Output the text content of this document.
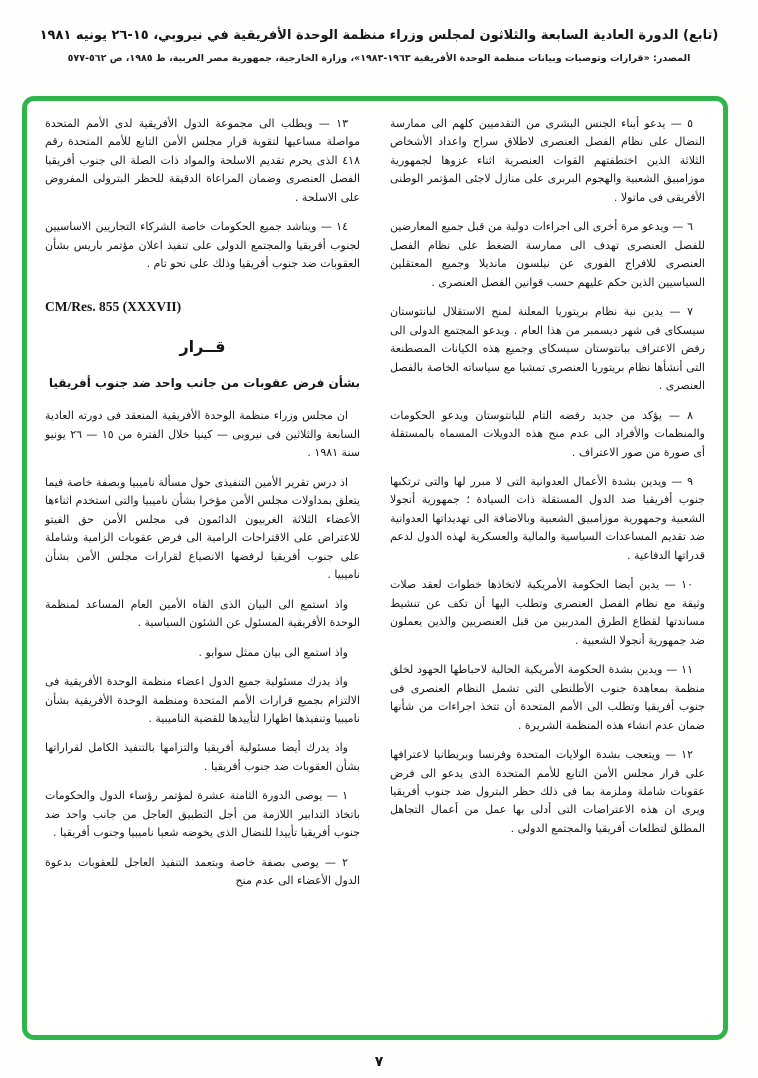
(تابع) الدورة العادية السابعة والثلاثون لمجلس وزراء منظمة الوحدة الأفريقية في نيروبي، ١٥-٢٦ يونيه ١٩٨١
المصدر: «قرارات وتوصيات وبيانات منظمة الوحدة الأفريقية ١٩٦٣-١٩٨٣»، وزارة الخارجية، جمهورية مصر العربية، ط ١٩٨٥، ص ٥٦٢-٥٧٧

٥ — يدعو أبناء الجنس البشرى من التقدميين كلهم الى ممارسة النضال على نظام الفصل العنصرى لاطلاق سراح واعداد الأشخاص الثلاثة الذين اختطفتهم القوات العنصرية اثناء غزوها لجمهورية موزامبيق الشعبية والهجوم البربرى على منازل لاجئى المؤتمر الوطنى الأفريقى فى ماتولا .

٦ — ويدعو مرة أخرى الى اجراءات دولية من قبل جميع المعارضين للفصل العنصرى تهدف الى ممارسة الضغط على نظام الفصل العنصرى للافراج الفورى عن نيلسون مانديلا وجميع المعتقلين السياسيين الذين حكم عليهم حسب قوانين الفصل العنصرى .

٧ — يدين نية نظام بريتوريا المعلنة لمنح الاستقلال لبانتوستان سيسكاى فى شهر ديسمبر من هذا العام . ويدعو المجتمع الدولى الى رفض الاعتراف ببانتوستان سيسكاى وجميع هذه الكيانات المصطنعة التى أنشأها نظام بريتوريا العنصرى تمشيا مع سياساته الخاصة بالفصل العنصرى .

٨ — يؤكد من جديد رفضه التام للبانتوستان ويدعو الحكومات والمنظمات والأفراد الى عدم منح هذه الدويلات المسماه بالمستقلة أى صورة من صور الاعتراف .

٩ — ويدين بشدة الأعمال العدوانية التى لا مبرر لها والتى ترتكبها جنوب أفريقيا ضد الدول المستقلة ذات السيادة ؛ جمهورية أنجولا الشعبية وجمهورية موزامبيق الشعبية وبالاضافة الى تهديداتها العدوانية ضد تقديم المساعدات السياسية والمالية والعسكرية لهذه الدول لدعم قدراتها الدفاعية .

١٠ — يدين أيضا الحكومة الأمريكية لاتخاذها خطوات لعقد صلات وثيقة مع نظام الفصل العنصرى وتطلب اليها أن تكف عن تنشيط مساندتها لقطاع الطرق المدربين من قبل العنصريين والذين يعملون ضد جمهورية أنجولا الشعبية .

١١ — ويدين بشدة الحكومة الأمريكية الحالية لاحباطها الجهود لخلق منظمة بمعاهدة جنوب الأطلنطى التى تشمل النظام العنصرى فى جنوب أفريقيا وتطلب الى الأمم المتحدة أن تتخذ اجراءات من شأنها ضمان عدم انشاء هذه المنظمة الشريرة .

١٢ — ويتعجب بشدة الولايات المتحدة وفرنسا وبريطانيا لاعترافها على قرار مجلس الأمن التابع للأمم المتحدة الذى يدعو الى فرض عقوبات شاملة وملزمة بما فى ذلك حظر البترول ضد جنوب أفريقيا ويرى ان هذه الاعتراضات التى أدلى بها عمل من أعمال التجاهل المطلق لتطلعات أفريقيا والمجتمع الدولى .

١٣ — ويطلب الى مجموعة الدول الأفريقية لدى الأمم المتحدة مواصلة مساعيها لتقوية قرار مجلس الأمن التابع للأمم المتحدة رقم ٤١٨ الذى يحرم تقديم الاسلحة والمواد ذات الصلة الى جنوب أفريقيا الفصل العنصرى وضمان المراعاة الدقيقة للحظر البترولى المفروض على الاسلحة .

١٤ — ويناشد جميع الحكومات خاصة الشركاء التجاريين الاساسيين لجنوب أفريقيا والمجتمع الدولى على تنفيذ اعلان مؤتمر باريس بشأن العقوبات ضد جنوب أفريقيا وذلك على نحو تام .

CM/Res. 855 (XXXVII)

قــرار

بشأن فرض عقوبات من جانب واحد ضد جنوب أفريقيا

ان مجلس وزراء منظمة الوحدة الأفريقية المنعقد فى دورته العادية السابعة والثلاثين فى نيروبى — كينيا خلال الفترة من ١٥ — ٢٦ يونيو سنة ١٩٨١ .

اذ درس تقرير الأمين التنفيذى حول مسألة ناميبيا وبصفة خاصة فيما يتعلق بمداولات مجلس الأمن مؤخرا بشأن ناميبيا والتى استخدم اثناءها الأعضاء الثلاثة الغربيون الدائمون فى مجلس الأمن حق الفيتو للاعتراض على الاقتراحات الرامية الى فرض عقوبات الزامية وشاملة على جنوب أفريقيا لرفضها الانصياع لقرارات مجلس الأمن بشأن ناميبيا .

واذ استمع الى البيان الذى القاه الأمين العام المساعد لمنظمة الوحدة الأفريقية المسئول عن الشئون السياسية .

واذ استمع الى بيان ممثل سوابو .

واذ يدرك مسئولية جميع الدول اعضاء منظمة الوحدة الأفريقية فى الالتزام بجميع قرارات الأمم المتحدة ومنظمة الوحدة الأفريقية بشأن ناميبيا وتنفيذها اظهارا لتأييدها للقضية الناميبية .

واذ يدرك أيضا مسئولية أفريقيا والتزامها بالتنفيذ الكامل لقراراتها بشأن العقوبات ضد جنوب أفريقيا .

١ — يوصى الدورة الثامنة عشرة لمؤتمر رؤساء الدول والحكومات باتخاذ التدابير اللازمة من أجل التطبيق العاجل من جانب واحد ضد جنوب أفريقيا تأييدا للنضال الذى يخوضه شعبا ناميبيا وجنوب أفريقيا .

٢ — يوصى بصفة خاصة وبتعمد التنفيذ العاجل للعقوبات بدعوة الدول الأعضاء الى عدم منح

٧
